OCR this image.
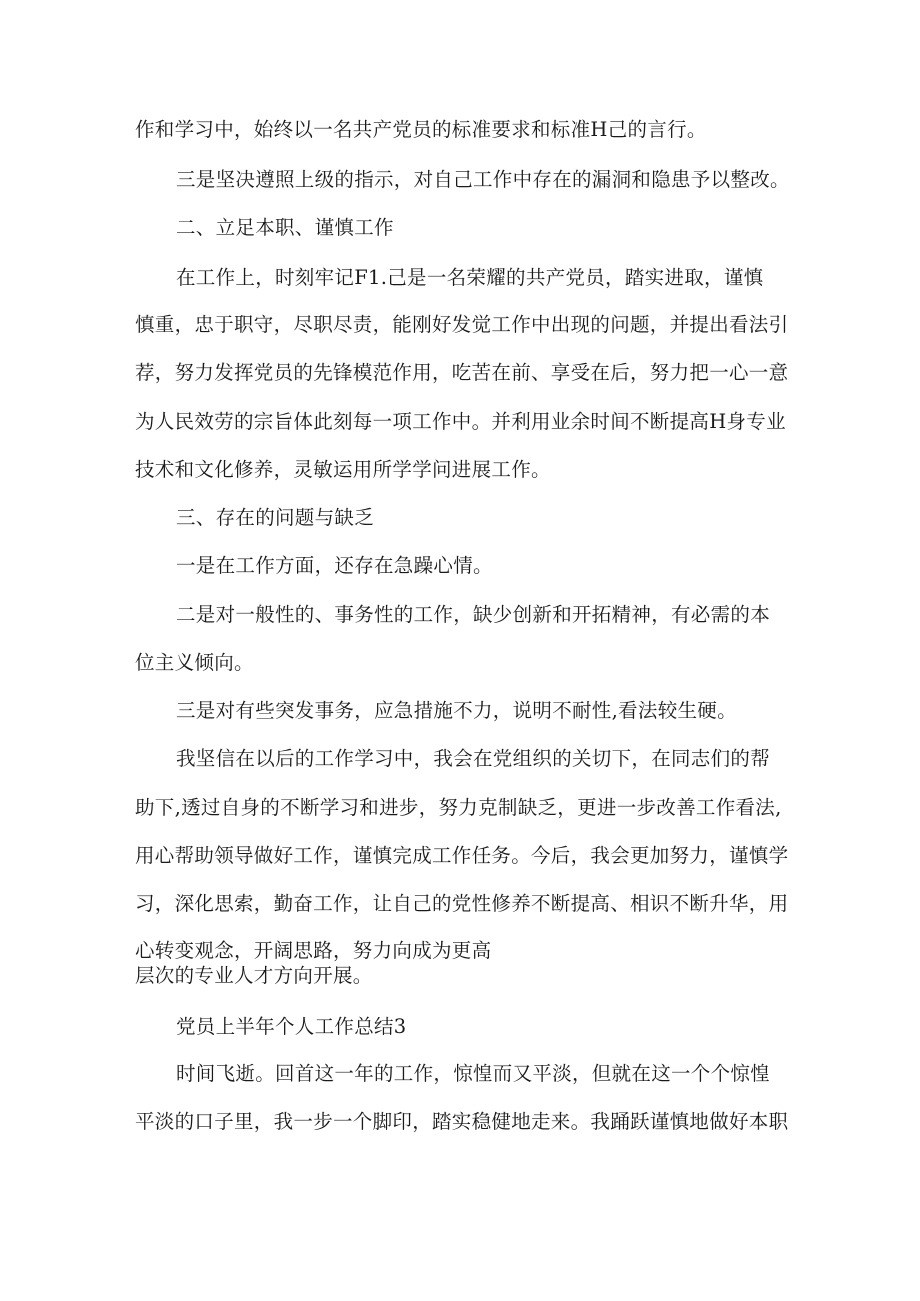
作和学习中，始终以一名共产党员的标准要求和标准H己的言行。
三是坚决遵照上级的指示，对自己工作中存在的漏洞和隐患予以整改。
二、立足本职、谨慎工作
在工作上，时刻牢记F1.己是一名荣耀的共产党员，踏实进取，谨慎
慎重，忠于职守，尽职尽责，能刚好发觉工作中出现的问题，并提出看法引
荐，努力发挥党员的先锋模范作用，吃苦在前、享受在后，努力把一心一意
为人民效劳的宗旨体此刻每一项工作中。并利用业余时间不断提高H身专业
技术和文化修养，灵敏运用所学学问进展工作。
三、存在的问题与缺乏
一是在工作方面，还存在急躁心情。
二是对一般性的、事务性的工作，缺少创新和开拓精神，有必需的本
位主义倾向。
三是对有些突发事务，应急措施不力，说明不耐性,看法较生硬。
我坚信在以后的工作学习中，我会在党组织的关切下，在同志们的帮
助下,透过自身的不断学习和进步，努力克制缺乏，更进一步改善工作看法,
用心帮助领导做好工作，谨慎完成工作任务。今后，我会更加努力，谨慎学
习，深化思索，勤奋工作，让自己的党性修养不断提高、相识不断升华，用
心转变观念，开阔思路，努力向成为更高
层次的专业人才方向开展。
党员上半年个人工作总结3
时间飞逝。回首这一年的工作，惊惶而又平淡，但就在这一个个惊惶
平淡的口子里，我一步一个脚印，踏实稳健地走来。我踊跃谨慎地做好本职
